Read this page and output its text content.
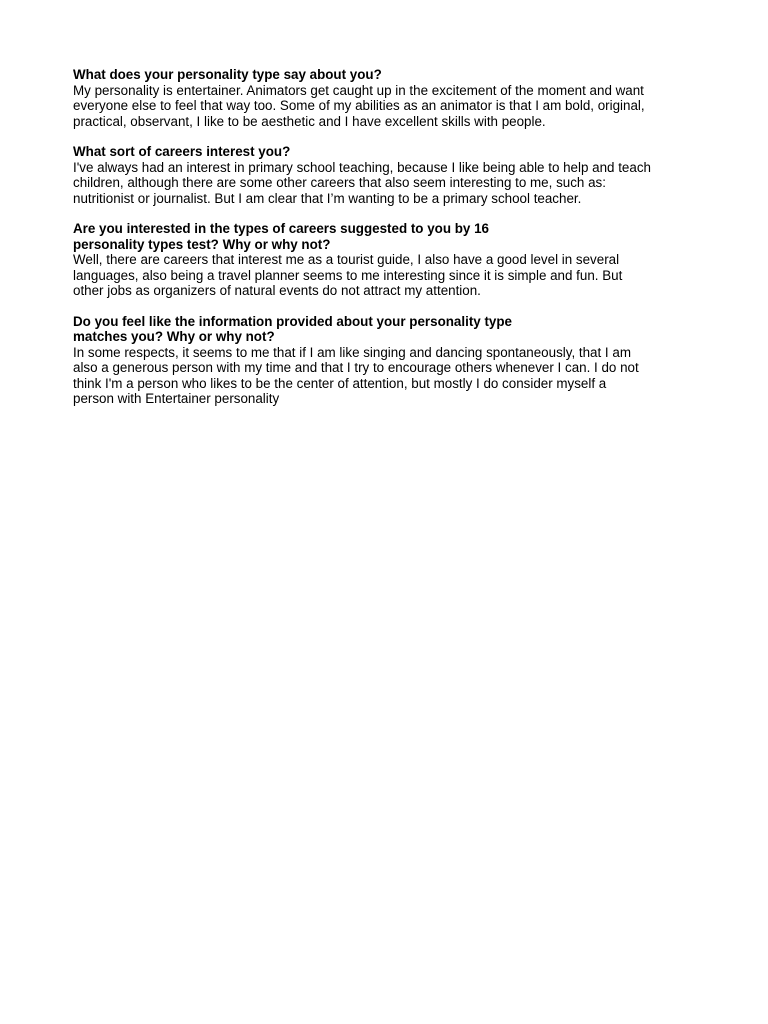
What does your personality type say about you?

My personality is entertainer. Animators get caught up in the excitement of the moment and want
everyone else to feel that way too. Some of my abilities as an animator is that I am bold, original,
practical, observant, I like to be aesthetic and I have excellent skills with people.

What sort of careers interest you?

I've always had an interest in primary school teaching, because I like being able to help and teach
children, although there are some other careers that also seem interesting to me, such as:
nutritionist or journalist. But I am clear that I’m wanting to be a primary school teacher.

Are you interested in the types of careers suggested to you by 16
personality types test? Why or why not?

Well, there are careers that interest me as a tourist guide, I also have a good level in several
languages, also being a travel planner seems to me interesting since it is simple and fun. But
other jobs as organizers of natural events do not attract my attention.

Do you feel like the information provided about your personality type
matches you? Why or why not?

In some respects, it seems to me that if I am like singing and dancing spontaneously, that I am
also a generous person with my time and that I try to encourage others whenever I can. I do not
think I'm a person who likes to be the center of attention, but mostly I do consider myself a
person with Entertainer personality
